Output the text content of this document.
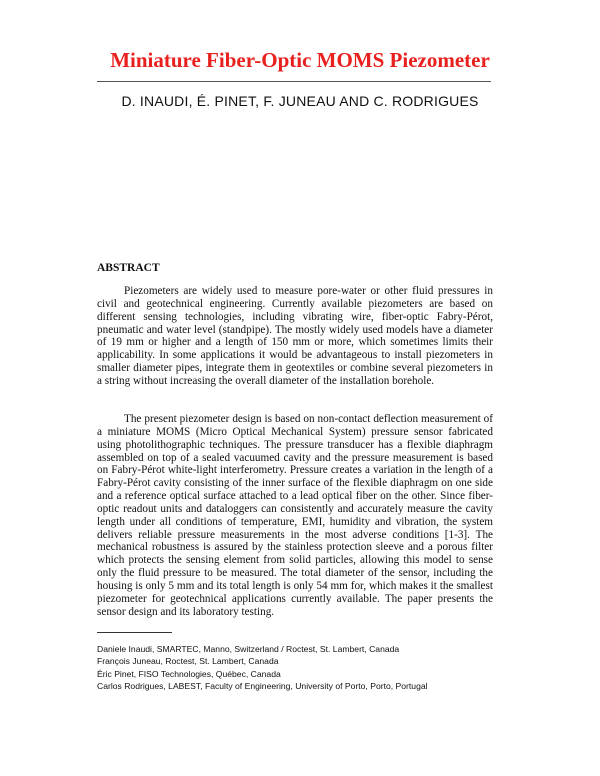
Miniature Fiber-Optic MOMS Piezometer
D. INAUDI, É. PINET, F. JUNEAU AND C. RODRIGUES
ABSTRACT

Piezometers are widely used to measure pore-water or other fluid pressures in civil and geotechnical engineering. Currently available piezometers are based on different sensing technologies, including vibrating wire, fiber-optic Fabry-Pérot, pneumatic and water level (standpipe). The mostly widely used models have a diameter of 19 mm or higher and a length of 150 mm or more, which sometimes limits their applicability. In some applications it would be advantageous to install piezometers in smaller diameter pipes, integrate them in geotextiles or combine several piezometers in a string without increasing the overall diameter of the installation borehole.

The present piezometer design is based on non-contact deflection measurement of a miniature MOMS (Micro Optical Mechanical System) pressure sensor fabricated using photolithographic techniques. The pressure transducer has a flexible diaphragm assembled on top of a sealed vacuumed cavity and the pressure measurement is based on Fabry-Pérot white-light interferometry. Pressure creates a variation in the length of a Fabry-Pérot cavity consisting of the inner surface of the flexible diaphragm on one side and a reference optical surface attached to a lead optical fiber on the other. Since fiber-optic readout units and dataloggers can consistently and accurately measure the cavity length under all conditions of temperature, EMI, humidity and vibration, the system delivers reliable pressure measurements in the most adverse conditions [1-3]. The mechanical robustness is assured by the stainless protection sleeve and a porous filter which protects the sensing element from solid particles, allowing this model to sense only the fluid pressure to be measured. The total diameter of the sensor, including the housing is only 5 mm and its total length is only 54 mm for, which makes it the smallest piezometer for geotechnical applications currently available. The paper presents the sensor design and its laboratory testing.

Daniele Inaudi, SMARTEC, Manno, Switzerland / Roctest, St. Lambert, Canada
François Juneau, Roctest, St. Lambert, Canada
Éric Pinet, FISO Technologies, Québec, Canada
Carlos Rodrigues, LABEST, Faculty of Engineering, University of Porto, Porto, Portugal
